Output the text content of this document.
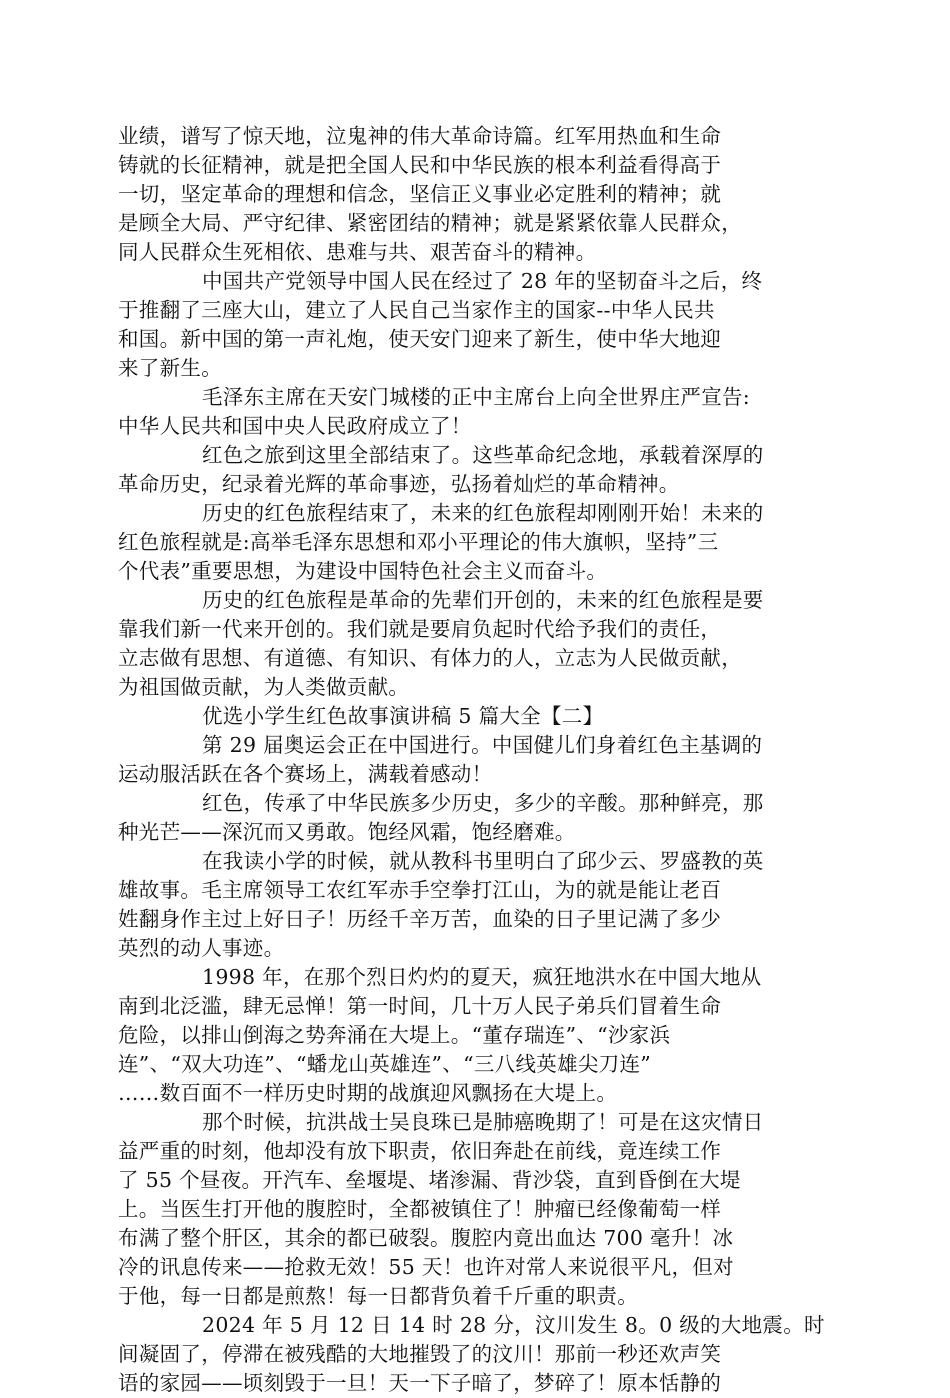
业绩，谱写了惊天地，泣鬼神的伟大革命诗篇。红军用热血和生命
铸就的长征精神，就是把全国人民和中华民族的根本利益看得高于
一切，坚定革命的理想和信念，坚信正义事业必定胜利的精神；就
是顾全大局、严守纪律、紧密团结的精神；就是紧紧依靠人民群众，
同人民群众生死相依、患难与共、艰苦奋斗的精神。
中国共产党领导中国人民在经过了 28 年的坚韧奋斗之后，终
于推翻了三座大山，建立了人民自己当家作主的国家--中华人民共
和国。新中国的第一声礼炮，使天安门迎来了新生，使中华大地迎
来了新生。
毛泽东主席在天安门城楼的正中主席台上向全世界庄严宣告:
中华人民共和国中央人民政府成立了！
红色之旅到这里全部结束了。这些革命纪念地，承载着深厚的
革命历史，纪录着光辉的革命事迹，弘扬着灿烂的革命精神。
历史的红色旅程结束了，未来的红色旅程却刚刚开始！未来的
红色旅程就是:高举毛泽东思想和邓小平理论的伟大旗帜，坚持”三
个代表”重要思想，为建设中国特色社会主义而奋斗。
历史的红色旅程是革命的先辈们开创的，未来的红色旅程是要
靠我们新一代来开创的。我们就是要肩负起时代给予我们的责任，
立志做有思想、有道德、有知识、有体力的人，立志为人民做贡献，
为祖国做贡献，为人类做贡献。
优选小学生红色故事演讲稿 5 篇大全【二】
第 29 届奥运会正在中国进行。中国健儿们身着红色主基调的
运动服活跃在各个赛场上，满载着感动！
红色，传承了中华民族多少历史，多少的辛酸。那种鲜亮，那
种光芒——深沉而又勇敢。饱经风霜，饱经磨难。
在我读小学的时候，就从教科书里明白了邱少云、罗盛教的英
雄故事。毛主席领导工农红军赤手空拳打江山，为的就是能让老百
姓翻身作主过上好日子！历经千辛万苦，血染的日子里记满了多少
英烈的动人事迹。
1998 年，在那个烈日灼灼的夏天，疯狂地洪水在中国大地从
南到北泛滥，肆无忌惮！第一时间，几十万人民子弟兵们冒着生命
危险，以排山倒海之势奔涌在大堤上。“董存瑞连”、“沙家浜
连”、“双大功连”、“蟠龙山英雄连”、“三八线英雄尖刀连”
……数百面不一样历史时期的战旗迎风飘扬在大堤上。
那个时候，抗洪战士吴良珠已是肺癌晚期了！可是在这灾情日
益严重的时刻，他却没有放下职责，依旧奔赴在前线，竟连续工作
了 55 个昼夜。开汽车、垒堰堤、堵渗漏、背沙袋，直到昏倒在大堤
上。当医生打开他的腹腔时，全都被镇住了！肿瘤已经像葡萄一样
布满了整个肝区，其余的都已破裂。腹腔内竟出血达 700 毫升！冰
冷的讯息传来——抢救无效！55 天！也许对常人来说很平凡，但对
于他，每一日都是煎熬！每一日都背负着千斤重的职责。
2024 年 5 月 12 日 14 时 28 分，汶川发生 8。0 级的大地震。时
间凝固了，停滞在被残酷的大地摧毁了的汶川！那前一秒还欢声笑
语的家园——顷刻毁于一旦！天一下子暗了，梦碎了！原本恬静的
